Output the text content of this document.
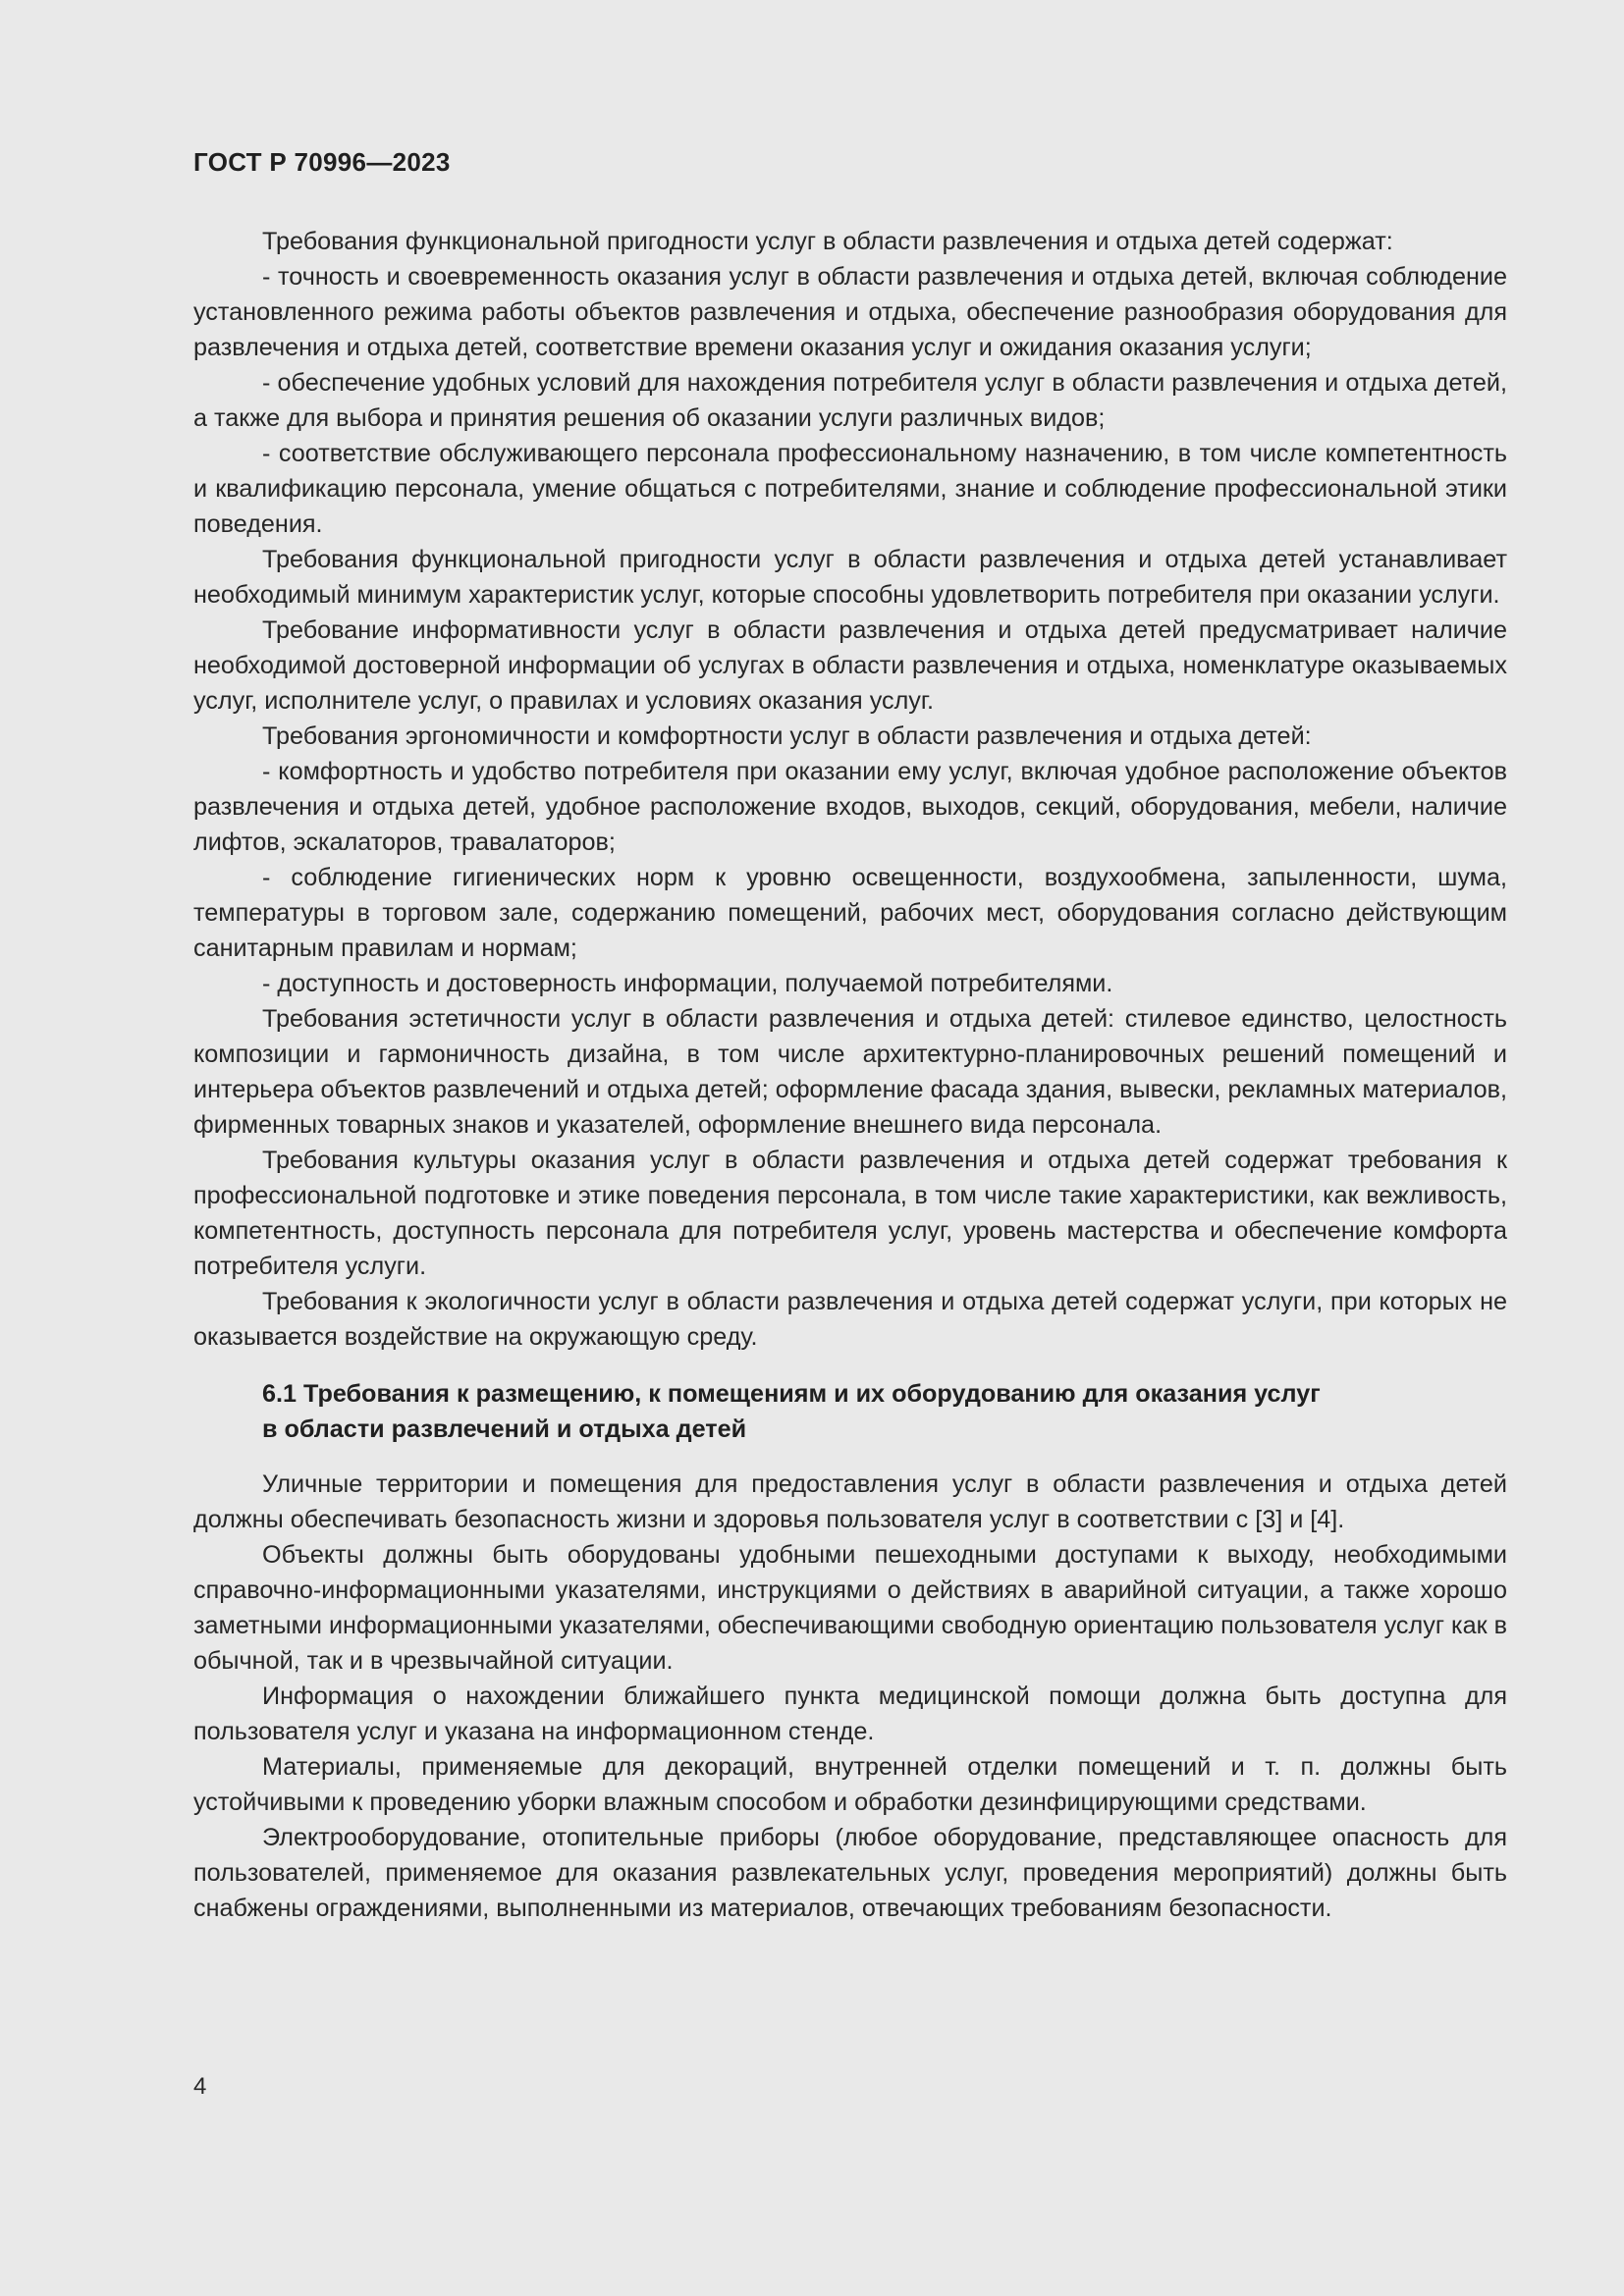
ГОСТ Р 70996—2023

Требования функциональной пригодности услуг в области развлечения и отдыха детей содержат:

- точность и своевременность оказания услуг в области развлечения и отдыха детей, включая соблюдение установленного режима работы объектов развлечения и отдыха, обеспечение разнообразия оборудования для развлечения и отдыха детей, соответствие времени оказания услуг и ожидания оказания услуги;

- обеспечение удобных условий для нахождения потребителя услуг в области развлечения и отдыха детей, а также для выбора и принятия решения об оказании услуги различных видов;

- соответствие обслуживающего персонала профессиональному назначению, в том числе компетентность и квалификацию персонала, умение общаться с потребителями, знание и соблюдение профессиональной этики поведения.

Требования функциональной пригодности услуг в области развлечения и отдыха детей устанавливает необходимый минимум характеристик услуг, которые способны удовлетворить потребителя при оказании услуги.

Требование информативности услуг в области развлечения и отдыха детей предусматривает наличие необходимой достоверной информации об услугах в области развлечения и отдыха, номенклатуре оказываемых услуг, исполнителе услуг, о правилах и условиях оказания услуг.

Требования эргономичности и комфортности услуг в области развлечения и отдыха детей:

- комфортность и удобство потребителя при оказании ему услуг, включая удобное расположение объектов развлечения и отдыха детей, удобное расположение входов, выходов, секций, оборудования, мебели, наличие лифтов, эскалаторов, травалаторов;

- соблюдение гигиенических норм к уровню освещенности, воздухообмена, запыленности, шума, температуры в торговом зале, содержанию помещений, рабочих мест, оборудования согласно действующим санитарным правилам и нормам;

- доступность и достоверность информации, получаемой потребителями.

Требования эстетичности услуг в области развлечения и отдыха детей: стилевое единство, целостность композиции и гармоничность дизайна, в том числе архитектурно-планировочных решений помещений и интерьера объектов развлечений и отдыха детей; оформление фасада здания, вывески, рекламных материалов, фирменных товарных знаков и указателей, оформление внешнего вида персонала.

Требования культуры оказания услуг в области развлечения и отдыха детей содержат требования к профессиональной подготовке и этике поведения персонала, в том числе такие характеристики, как вежливость, компетентность, доступность персонала для потребителя услуг, уровень мастерства и обеспечение комфорта потребителя услуги.

Требования к экологичности услуг в области развлечения и отдыха детей содержат услуги, при которых не оказывается воздействие на окружающую среду.

6.1 Требования к размещению, к помещениям и их оборудованию для оказания услуг
в области развлечений и отдыха детей

Уличные территории и помещения для предоставления услуг в области развлечения и отдыха детей должны обеспечивать безопасность жизни и здоровья пользователя услуг в соответствии с [3] и [4].

Объекты должны быть оборудованы удобными пешеходными доступами к выходу, необходимыми справочно-информационными указателями, инструкциями о действиях в аварийной ситуации, а также хорошо заметными информационными указателями, обеспечивающими свободную ориентацию пользователя услуг как в обычной, так и в чрезвычайной ситуации.

Информация о нахождении ближайшего пункта медицинской помощи должна быть доступна для пользователя услуг и указана на информационном стенде.

Материалы, применяемые для декораций, внутренней отделки помещений и т. п. должны быть устойчивыми к проведению уборки влажным способом и обработки дезинфицирующими средствами.

Электрооборудование, отопительные приборы (любое оборудование, представляющее опасность для пользователей, применяемое для оказания развлекательных услуг, проведения мероприятий) должны быть снабжены ограждениями, выполненными из материалов, отвечающих требованиям безопасности.

4
